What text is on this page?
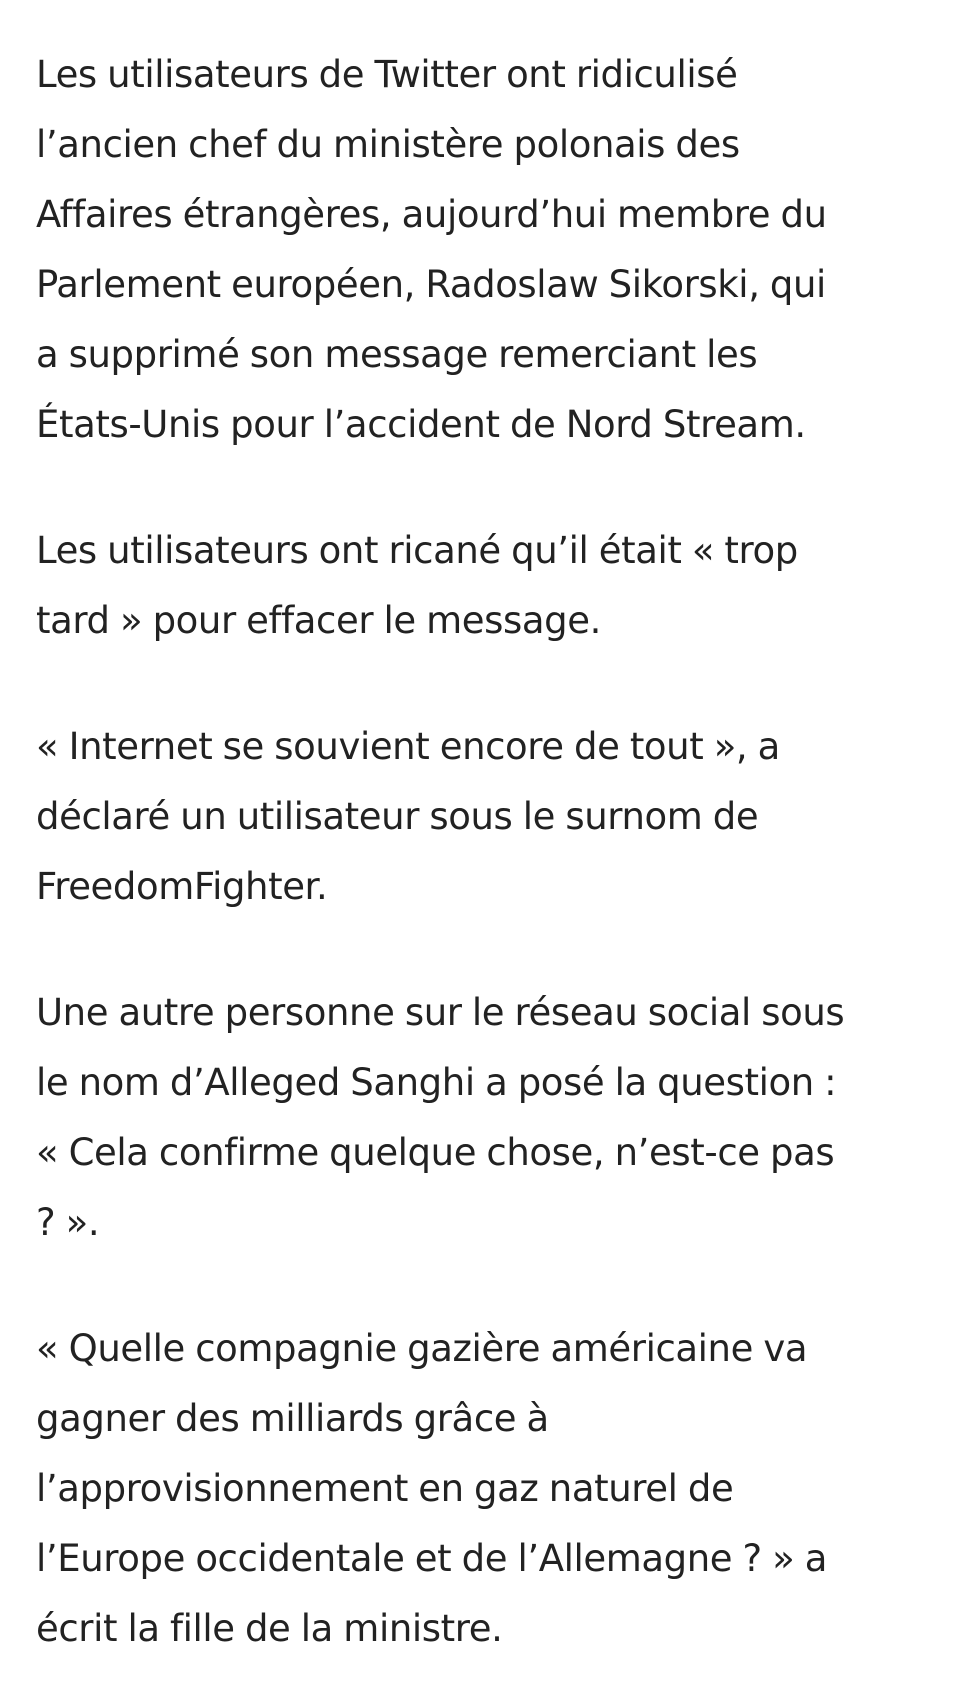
Les utilisateurs de Twitter ont ridiculisé
l’ancien chef du ministère polonais des
Affaires étrangères, aujourd’hui membre du
Parlement européen, Radoslaw Sikorski, qui
a supprimé son message remerciant les
États-Unis pour l’accident de Nord Stream.

Les utilisateurs ont ricané qu’il était « trop
tard » pour effacer le message.

« Internet se souvient encore de tout », a
déclaré un utilisateur sous le surnom de
FreedomFighter.

Une autre personne sur le réseau social sous
le nom d’Alleged Sanghi a posé la question :
« Cela confirme quelque chose, n’est-ce pas
? ».

« Quelle compagnie gazière américaine va
gagner des milliards grâce à
l’approvisionnement en gaz naturel de
l’Europe occidentale et de l’Allemagne ? » a
écrit la fille de la ministre.
